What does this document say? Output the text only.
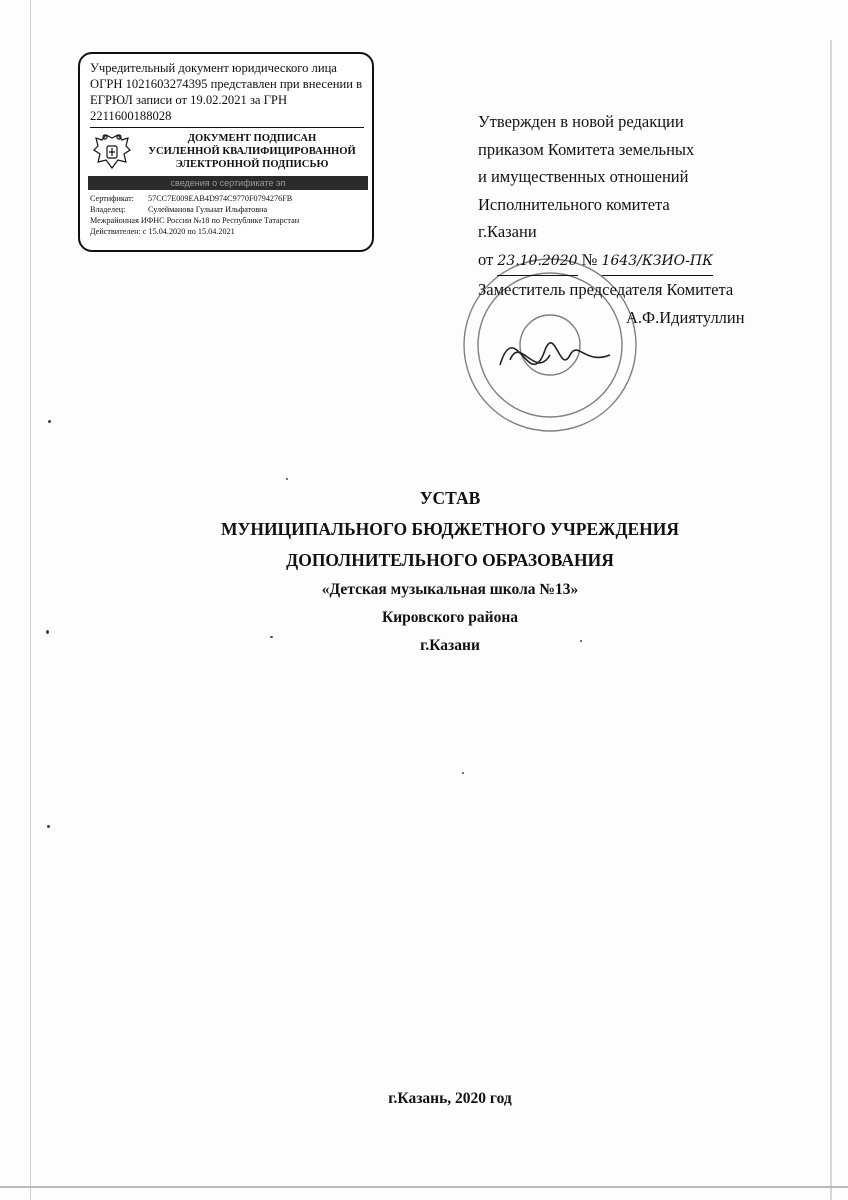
Учредительный документ юридического лица ОГРН 1021603274395 представлен при внесении в ЕГРЮЛ записи от 19.02.2021 за ГРН 2211600188028
ДОКУМЕНТ ПОДПИСАН
УСИЛЕННОЙ КВАЛИФИЦИРОВАННОЙ
ЭЛЕКТРОННОЙ ПОДПИСЬЮ
сведения о сертификате эп
Сертификат:	57CC7E009EAB4D974C9770F0794276FB
Владелец:	Сулейманова Гульнат Ильфатовна
Межрайонная ИФНС России №18 по Республике Татарстан
Действителен:
с 15.04.2020 по 15.04.2021

Утвержден в новой редакции

приказом Комитета земельных

и имущественных отношений

Исполнительного комитета

г.Казани

от 23.10.2020 № 1643/КЗИО-ПК

Заместитель председателя Комитета

А.Ф.Идиятуллин

УСТАВ
МУНИЦИПАЛЬНОГО БЮДЖЕТНОГО УЧРЕЖДЕНИЯ
ДОПОЛНИТЕЛЬНОГО ОБРАЗОВАНИЯ
«Детская музыкальная школа №13»
Кировского района
г.Казани
г.Казань, 2020 год
